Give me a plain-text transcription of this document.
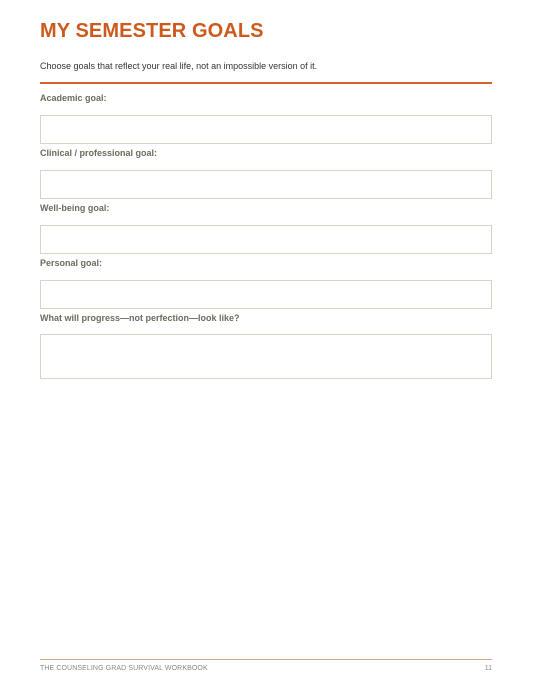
MY SEMESTER GOALS

Choose goals that reflect your real life, not an impossible version of it.

Academic goal:
Clinical / professional goal:
Well-being goal:
Personal goal:
What will progress—not perfection—look like?
THE COUNSELING GRAD SURVIVAL WORKBOOK	11
